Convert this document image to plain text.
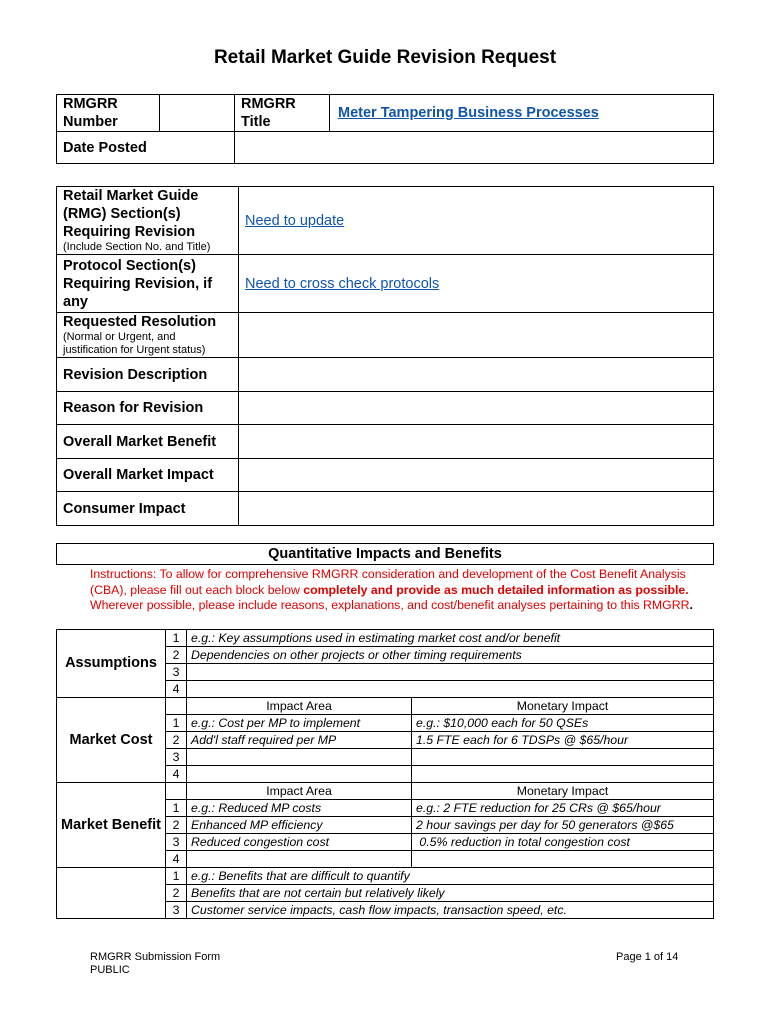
Retail Market Guide Revision Request
RMGRR Number		RMGRR Title	Meter Tampering Business Processes
Date Posted			
Retail Market Guide (RMG) Section(s) Requiring Revision
(Include Section No. and Title)	Need to update
Protocol Section(s) Requiring Revision, if any	Need to cross check protocols

Requested Resolution
(Normal or Urgent, and justification for Urgent status)	

Revision Description	
Reason for Revision	
Overall Market Benefit	
Overall Market Impact	
Consumer Impact	
Quantitative Impacts and Benefits
Instructions: To allow for comprehensive RMGRR consideration and development of the Cost Benefit Analysis (CBA), please fill out each block below completely and provide as much detailed information as possible. Wherever possible, please include reasons, explanations, and cost/benefit analyses pertaining to this RMGRR.
Assumptions	1	e.g.: Key assumptions used in estimating market cost and/or benefit	
	2	Dependencies on other projects or other timing requirements	
	3		
	4		
Market Cost		Impact Area	Monetary Impact
	1	e.g.: Cost per MP to implement	e.g.: $10,000 each for 50 QSEs
	2	Add'l staff required per MP	1.5 FTE each for 6 TDSPs @ $65/hour
	3		
	4		
Market Benefit		Impact Area	Monetary Impact
	1	e.g.: Reduced MP costs	e.g.: 2 FTE reduction for 25 CRs @ $65/hour
	2	Enhanced MP efficiency	2 hour savings per day for 50 generators @$65
	3	Reduced congestion cost	0.5% reduction in total congestion cost
	4		
	1	e.g.: Benefits that are difficult to quantify	
	2	Benefits that are not certain but relatively likely	
	3	Customer service impacts, cash flow impacts, transaction speed, etc.	
RMGRR Submission Form
PUBLIC
Page 1 of 14
